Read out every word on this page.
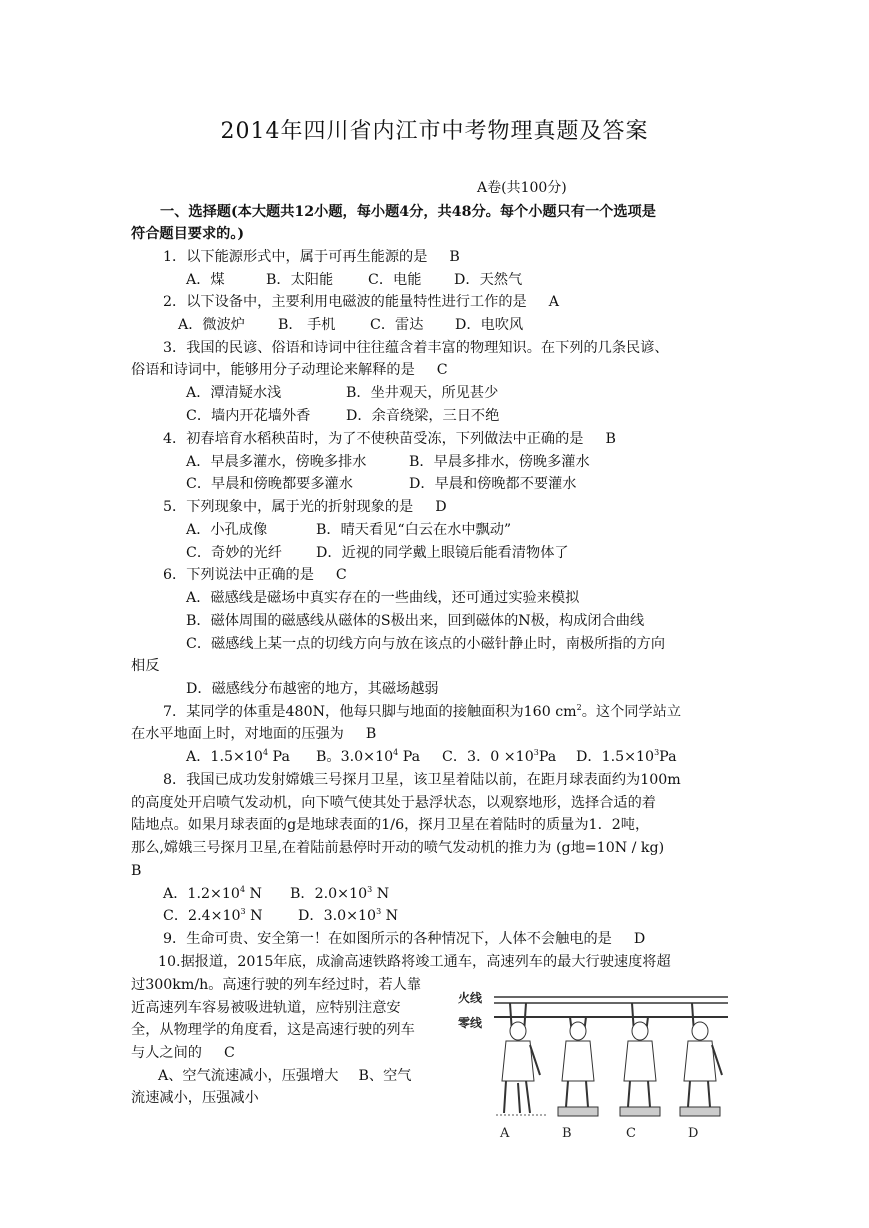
2014年四川省内江市中考物理真题及答案
A卷(共100分)
一、选择题(本大题共12小题，每小题4分，共48分。每个小题只有一个选项是
符合题目要求的。)
1．以下能源形式中，属于可再生能源的是 B
A．煤	B．太阳能 C．电能 D．天然气
2．以下设备中，主要利用电磁波的能量特性进行工作的是 A
A．微波炉 B． 手机 C．雷达 D．电吹风
3．我国的民谚、俗语和诗词中往往蕴含着丰富的物理知识。在下列的几条民谚、
俗语和诗词中，能够用分子动理论来解释的是 C
A．潭清疑水浅	B．坐井观天，所见甚少
C．墙内开花墙外香	D．余音绕梁，三日不绝
4．初春培育水稻秧苗时，为了不使秧苗受冻，下列做法中正确的是 B
A．早晨多灌水，傍晚多排水	B．早晨多排水，傍晚多灌水
C．早晨和傍晚都要多灌水	D．早晨和傍晚都不要灌水
5．下列现象中，属于光的折射现象的是 D
A．小孔成像	B．晴天看见“白云在水中飘动”
C．奇妙的光纤 D．近视的同学戴上眼镜后能看清物体了
6．下列说法中正确的是 C
A．磁感线是磁场中真实存在的一些曲线，还可通过实验来模拟
B．磁体周围的磁感线从磁体的S极出来，回到磁体的N极，构成闭合曲线
C．磁感线上某一点的切线方向与放在该点的小磁针静止时，南极所指的方向
相反
D．磁感线分布越密的地方，其磁场越弱
7．某同学的体重是480N，他每只脚与地面的接触面积为160 $cm^2$。这个同学站立
在水平地面上时，对地面的压强为 B
A．$1.5\times 10^4$ Pa B。$3.0\times 10^4$ Pa C．3．$0 \times 10^3Pa$ D．$1.5\times 10^3Pa$
8．我国已成功发射嫦娥三号探月卫星，该卫星着陆以前，在距月球表面约为100m
的高度处开启喷气发动机，向下喷气使其处于悬浮状态，以观察地形，选择合适的着
陆地点。如果月球表面的g是地球表面的1/6，探月卫星在着陆时的质量为1．2吨，
那么,嫦娥三号探月卫星,在着陆前悬停时开动的喷气发动机的推力为 (g地=10N / kg)
B
A．$1.2\times 10^4$ N B．$2.0\times 10^3$ N
C．$2.4\times 10^3$ N D．$3.0\times 10^3$ N
9．生命可贵、安全第一！在如图所示的各种情况下，人体不会触电的是 D
10.据报道，2015年底，成渝高速铁路将竣工通车，高速列车的最大行驶速度将超
过300km/h。高速行驶的列车经过时，若人靠
近高速列车容易被吸进轨道，应特别注意安
全，从物理学的角度看，这是高速行驶的列车
与人之间的 C
A、空气流速减小，压强增大 B、空气
流速减小，压强减小
火线
零线
A	B	C	D
